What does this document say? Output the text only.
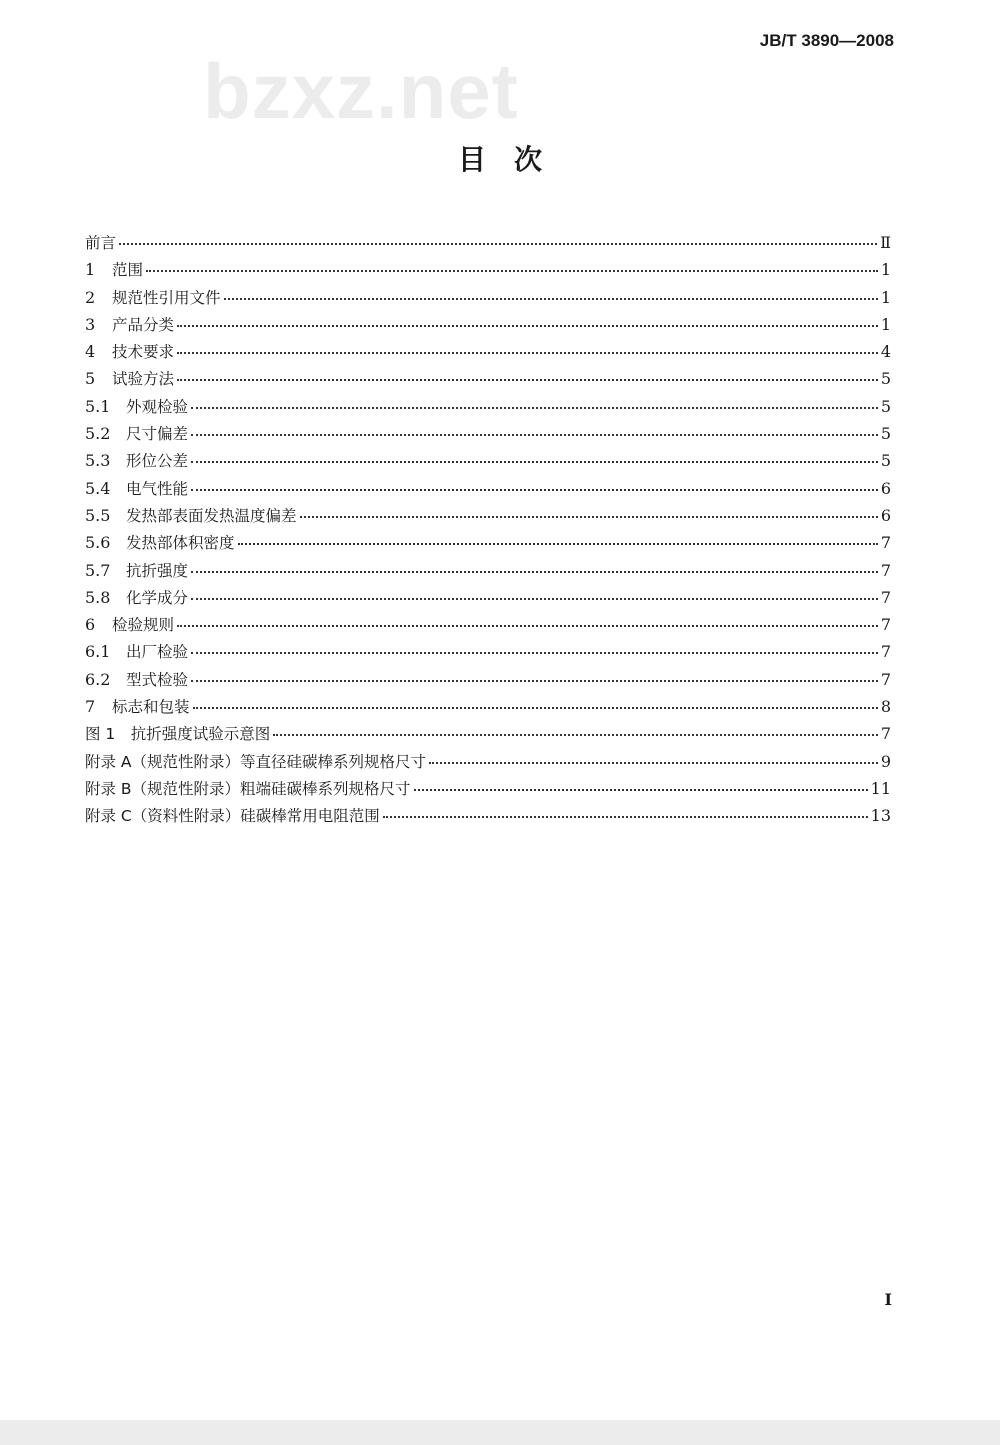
JB/T 3890—2008
bzxz.net
目次
前言	Ⅱ
1	范围	1
2	规范性引用文件	1
3	产品分类	1
4	技术要求	4
5	试验方法	5
5.1	外观检验	5
5.2	尺寸偏差	5
5.3	形位公差	5
5.4	电气性能	6
5.5	发热部表面发热温度偏差	6
5.6	发热部体积密度	7
5.7	抗折强度	7
5.8	化学成分	7
6	检验规则	7
6.1	出厂检验	7
6.2	型式检验	7
7	标志和包装	8
图 1　抗折强度试验示意图	7
附录 A（规范性附录）等直径硅碳棒系列规格尺寸	9
附录 B（规范性附录）粗端硅碳棒系列规格尺寸	11
附录 C（资料性附录）硅碳棒常用电阻范围	13
I
